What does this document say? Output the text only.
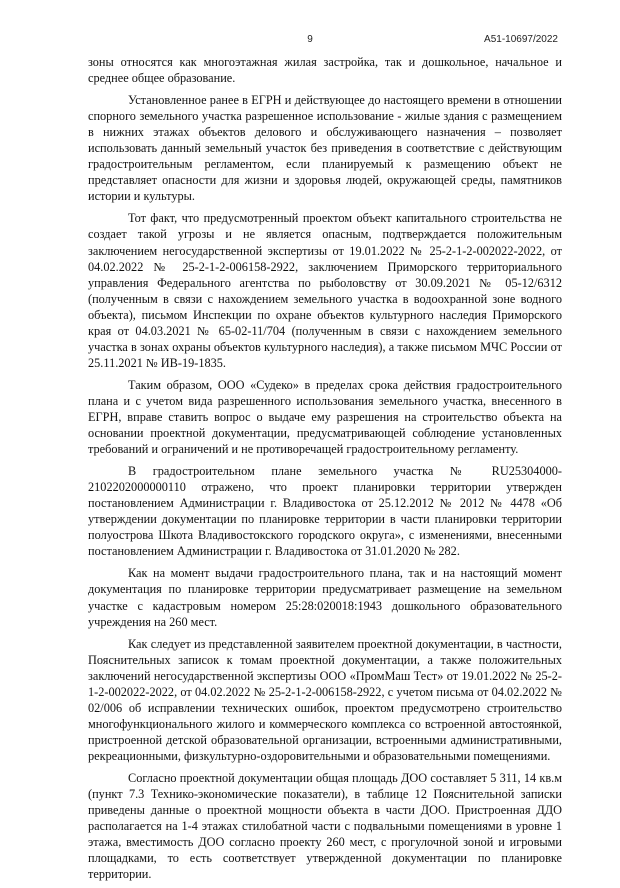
9	А51-10697/2022

зоны относятся как многоэтажная жилая застройка, так и дошкольное, начальное и среднее общее образование.

Установленное ранее в ЕГРН и действующее до настоящего времени в отношении спорного земельного участка разрешенное использование - жилые здания с размещением в нижних этажах объектов делового и обслуживающего назначения – позволяет использовать данный земельный участок без приведения в соответствие с действующим градостроительным регламентом, если планируемый к размещению объект не представляет опасности для жизни и здоровья людей, окружающей среды, памятников истории и культуры.

Тот факт, что предусмотренный проектом объект капитального строительства не создает такой угрозы и не является опасным, подтверждается положительным заключением негосударственной экспертизы от 19.01.2022 № 25-2-1-2-002022-2022, от 04.02.2022 № 25-2-1-2-006158-2922, заключением Приморского территориального управления Федерального агентства по рыболовству от 30.09.2021 № 05-12/6312 (полученным в связи с нахождением земельного участка в водоохранной зоне водного объекта), письмом Инспекции по охране объектов культурного наследия Приморского края от 04.03.2021 № 65-02-11/704 (полученным в связи с нахождением земельного участка в зонах охраны объектов культурного наследия), а также письмом МЧС России от 25.11.2021 № ИВ-19-1835.

Таким образом, ООО «Судеко» в пределах срока действия градостроительного плана и с учетом вида разрешенного использования земельного участка, внесенного в ЕГРН, вправе ставить вопрос о выдаче ему разрешения на строительство объекта на основании проектной документации, предусматривающей соблюдение установленных требований и ограничений и не противоречащей градостроительному регламенту.

В градостроительном плане земельного участка № RU25304000-2102202000000110 отражено, что проект планировки территории утвержден постановлением Администрации г. Владивостока от 25.12.2012 № 2012 № 4478 «Об утверждении документации по планировке территории в части планировки территории полуострова Шкота Владивостокского городского округа», с изменениями, внесенными постановлением Администрации г. Владивостока от 31.01.2020 № 282.

Как на момент выдачи градостроительного плана, так и на настоящий момент документация по планировке территории предусматривает размещение на земельном участке с кадастровым номером 25:28:020018:1943 дошкольного образовательного учреждения на 260 мест.

Как следует из представленной заявителем проектной документации, в частности, Пояснительных записок к томам проектной документации, а также положительных заключений негосударственной экспертизы ООО «ПромМаш Тест» от 19.01.2022 № 25-2-1-2-002022-2022, от 04.02.2022 № 25-2-1-2-006158-2922, с учетом письма от 04.02.2022 № 02/006 об исправлении технических ошибок, проектом предусмотрено строительство многофункционального жилого и коммерческого комплекса со встроенной автостоянкой, пристроенной детской образовательной организации, встроенными административными, рекреационными, физкультурно-оздоровительными и образовательными помещениями.

Согласно проектной документации общая площадь ДОО составляет 5 311, 14 кв.м (пункт 7.3 Технико-экономические показатели), в таблице 12 Пояснительной записки приведены данные о проектной мощности объекта в части ДОО. Пристроенная ДДО располагается на 1-4 этажах стилобатной части с подвальными помещениями в уровне 1 этажа, вместимость ДОО согласно проекту 260 мест, с прогулочной зоной и игровыми площадками, то есть соответствует утвержденной документации по планировке территории.
